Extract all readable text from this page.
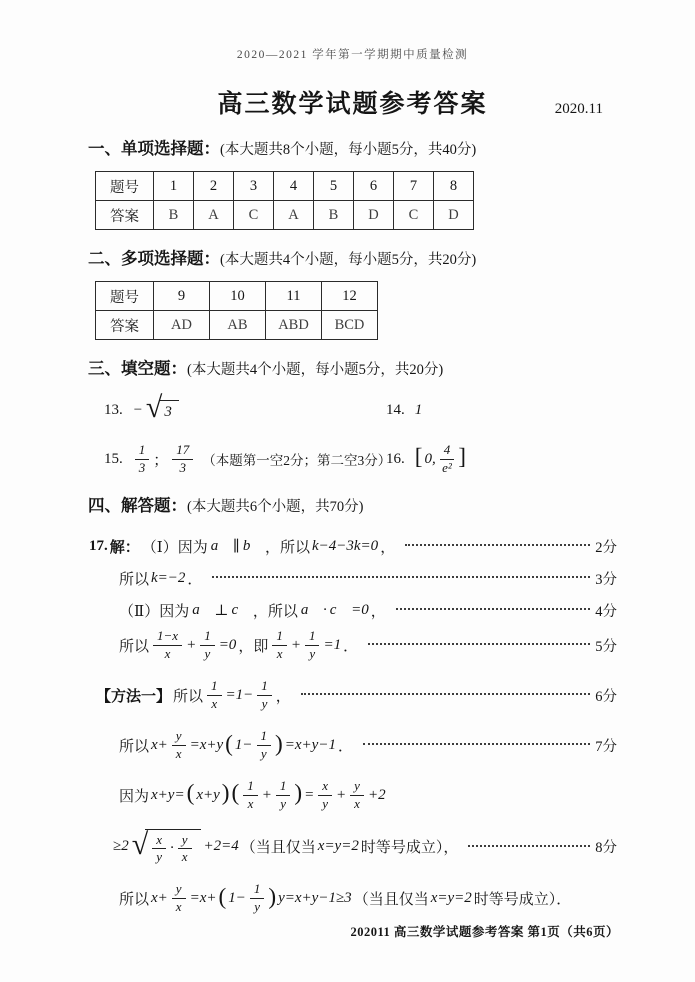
2020—2021 学年第一学期期中质量检测
高三数学试题参考答案	2020.11
一、单项选择题：(本大题共8个小题，每小题5分，共40分)
题号	1	2	3	4	5	6	7	8
答案	B	A	C	A	B	D	C	D
二、多项选择题：(本大题共4个小题，每小题5分，共20分)
题号	9	10	11	12
答案	AD	AB	ABD	BCD
三、填空题：(本大题共4个小题，每小题5分，共20分)
13. − √ 3	14. 1
15. $\frac{1}{3}$ ； $\frac{17}{3}$ （本题第一空2分；第二空3分）
16. [ 0, $\frac{4}{\text{e²}}$ ]
四、解答题：(本大题共6个小题，共70分)
17. 解： （Ⅰ）因为 a⃗ ∥ b⃗ ，所以 k−4−3k=0 ，	2分
所以 k=−2 ．	3分
（Ⅱ）因为 a⃗ ⊥ c⃗ ，所以 a⃗ · c⃗ =0 ，	4分
所以 $\frac{1-x}{x} + \frac{1}{y} =0$ ，即 $\frac{1}{x} + \frac{1}{y} =1$ ．	5分
【方法一】 所以 $\frac{1}{x} =1- \frac{1}{y}$ ，	6分
所以 $x+ \frac{y}{x} =x+y$ ( $1- \frac{1}{y}$ ) =x+y−1 ．	7分
因为 x+y= ( x+y ) ( $\frac{1}{x} + \frac{1}{y}$ ) = $\frac{x}{y} + \frac{y}{x} +2$
≥2 √ $\frac{x}{y} \cdot \frac{y}{x} +2=4$ （当且仅当 x=y=2 时等号成立），	8分
所以 $x+ \frac{y}{x} =x+$ ( $1- \frac{1}{y}$ ) y=x+y−1≥3 （当且仅当 x=y=2 时等号成立）．
202011 高三数学试题参考答案 第1页（共6页）
